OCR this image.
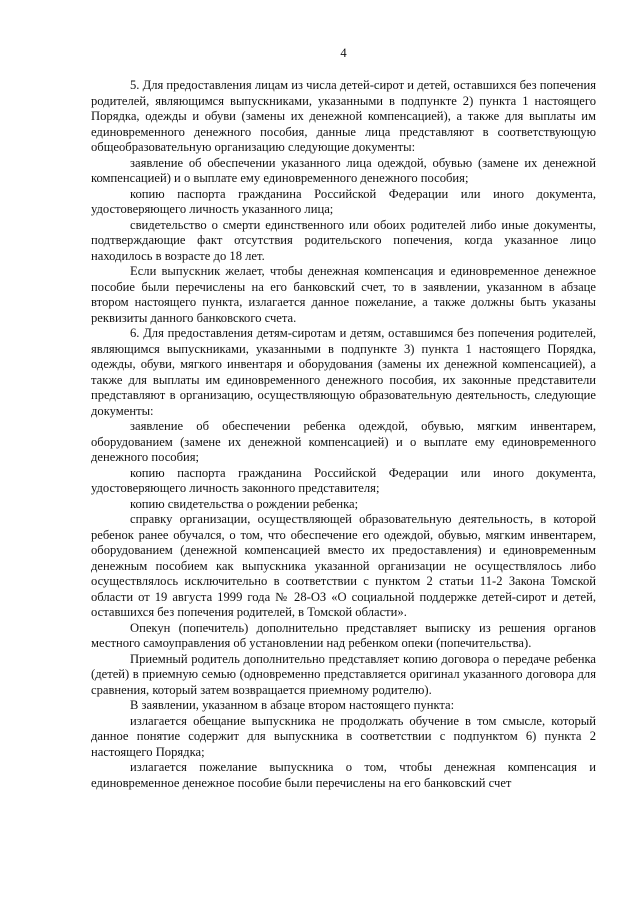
4

5. Для предоставления лицам из числа детей-сирот и детей, оставшихся без попечения родителей, являющимся выпускниками, указанными в подпункте 2) пункта 1 настоящего Порядка, одежды и обуви (замены их денежной компенсацией), а также для выплаты им единовременного денежного пособия, данные лица представляют в соответствующую общеобразовательную организацию следующие документы:

заявление об обеспечении указанного лица одеждой, обувью (замене их денежной компенсацией) и о выплате ему единовременного денежного пособия;

копию паспорта гражданина Российской Федерации или иного документа, удостоверяющего личность указанного лица;

свидетельство о смерти единственного или обоих родителей либо иные документы, подтверждающие факт отсутствия родительского попечения, когда указанное лицо находилось в возрасте до 18 лет.

Если выпускник желает, чтобы денежная компенсация и единовременное денежное пособие были перечислены на его банковский счет, то в заявлении, указанном в абзаце втором настоящего пункта, излагается данное пожелание, а также должны быть указаны реквизиты данного банковского счета.

6. Для предоставления детям-сиротам и детям, оставшимся без попечения родителей, являющимся выпускниками, указанными в подпункте 3) пункта 1 настоящего Порядка, одежды, обуви, мягкого инвентаря и оборудования (замены их денежной компенсацией), а также для выплаты им единовременного денежного пособия, их законные представители представляют в организацию, осуществляющую образовательную деятельность, следующие документы:

заявление об обеспечении ребенка одеждой, обувью, мягким инвентарем, оборудованием (замене их денежной компенсацией) и о выплате ему единовременного денежного пособия;

копию паспорта гражданина Российской Федерации или иного документа, удостоверяющего личность законного представителя;

копию свидетельства о рождении ребенка;

справку организации, осуществляющей образовательную деятельность, в которой ребенок ранее обучался, о том, что обеспечение его одеждой, обувью, мягким инвентарем, оборудованием (денежной компенсацией вместо их предоставления) и единовременным денежным пособием как выпускника указанной организации не осуществлялось либо осуществлялось исключительно в соответствии с пунктом 2 статьи 11-2 Закона Томской области от 19 августа 1999 года № 28-ОЗ «О социальной поддержке детей-сирот и детей, оставшихся без попечения родителей, в Томской области».

Опекун (попечитель) дополнительно представляет выписку из решения органов местного самоуправления об установлении над ребенком опеки (попечительства).

Приемный родитель дополнительно представляет копию договора о передаче ребенка (детей) в приемную семью (одновременно представляется оригинал указанного договора для сравнения, который затем возвращается приемному родителю).

В заявлении, указанном в абзаце втором настоящего пункта:

излагается обещание выпускника не продолжать обучение в том смысле, который данное понятие содержит для выпускника в соответствии с подпунктом 6) пункта 2 настоящего Порядка;

излагается пожелание выпускника о том, чтобы денежная компенсация и единовременное денежное пособие были перечислены на его банковский счет
